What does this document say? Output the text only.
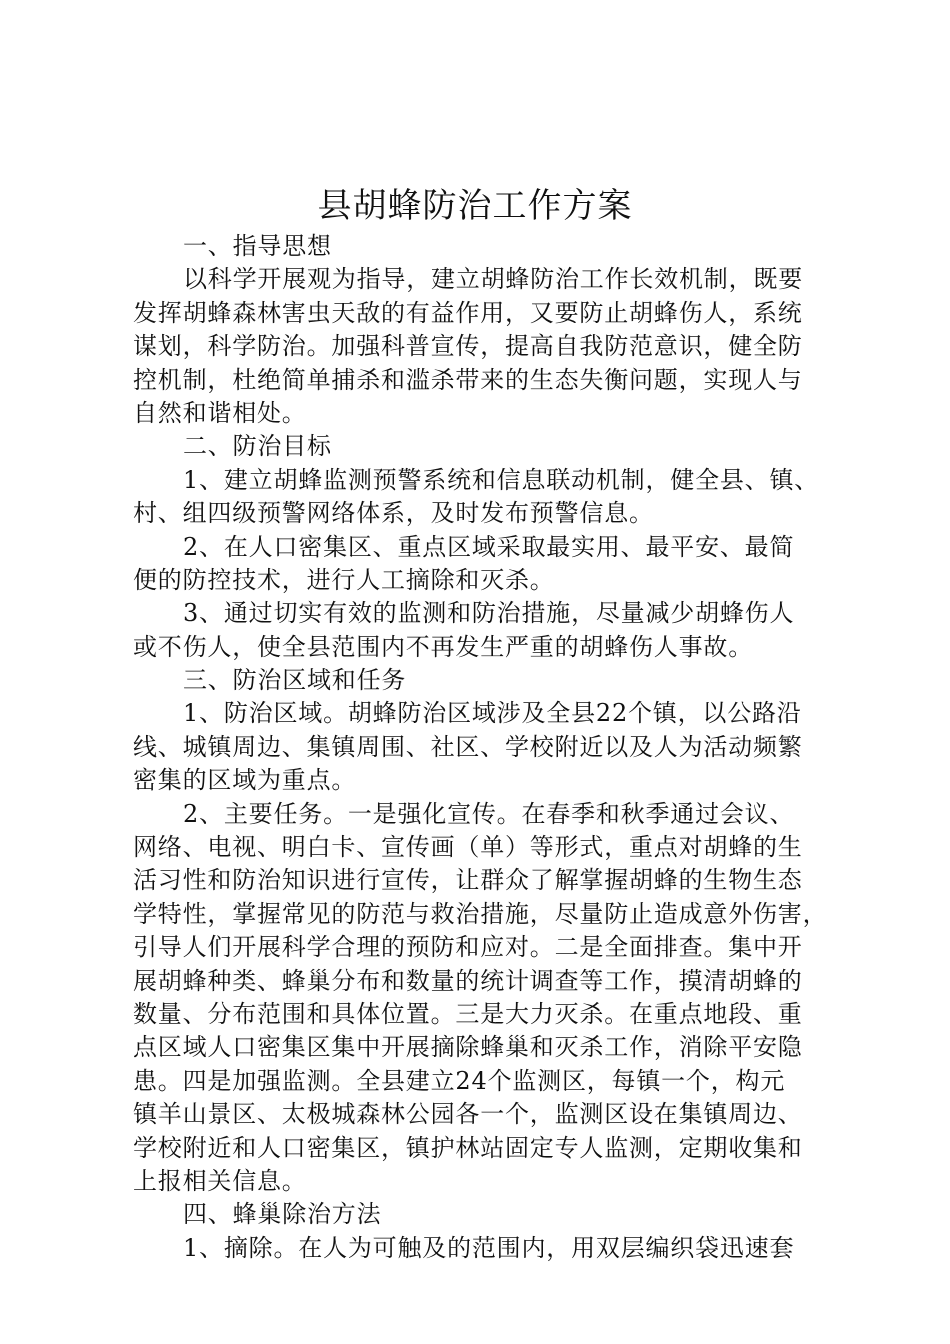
县胡蜂防治工作方案
一、指导思想
以科学开展观为指导，建立胡蜂防治工作长效机制，既要
发挥胡蜂森林害虫天敌的有益作用，又要防止胡蜂伤人，系统
谋划，科学防治。加强科普宣传，提高自我防范意识，健全防
控机制，杜绝简单捕杀和滥杀带来的生态失衡问题，实现人与
自然和谐相处。
二、防治目标
1、建立胡蜂监测预警系统和信息联动机制，健全县、镇、
村、组四级预警网络体系，及时发布预警信息。
2、在人口密集区、重点区域采取最实用、最平安、最简
便的防控技术，进行人工摘除和灭杀。
3、通过切实有效的监测和防治措施，尽量减少胡蜂伤人
或不伤人，使全县范围内不再发生严重的胡蜂伤人事故。
三、防治区域和任务
1、防治区域。胡蜂防治区域涉及全县22个镇，以公路沿
线、城镇周边、集镇周围、社区、学校附近以及人为活动频繁
密集的区域为重点。
2、主要任务。一是强化宣传。在春季和秋季通过会议、
网络、电视、明白卡、宣传画（单）等形式，重点对胡蜂的生
活习性和防治知识进行宣传，让群众了解掌握胡蜂的生物生态
学特性，掌握常见的防范与救治措施，尽量防止造成意外伤害，
引导人们开展科学合理的预防和应对。二是全面排查。集中开
展胡蜂种类、蜂巢分布和数量的统计调查等工作，摸清胡蜂的
数量、分布范围和具体位置。三是大力灭杀。在重点地段、重
点区域人口密集区集中开展摘除蜂巢和灭杀工作，消除平安隐
患。四是加强监测。全县建立24个监测区，每镇一个，构元
镇羊山景区、太极城森林公园各一个，监测区设在集镇周边、
学校附近和人口密集区，镇护林站固定专人监测，定期收集和
上报相关信息。
四、蜂巢除治方法
1、摘除。在人为可触及的范围内，用双层编织袋迅速套
